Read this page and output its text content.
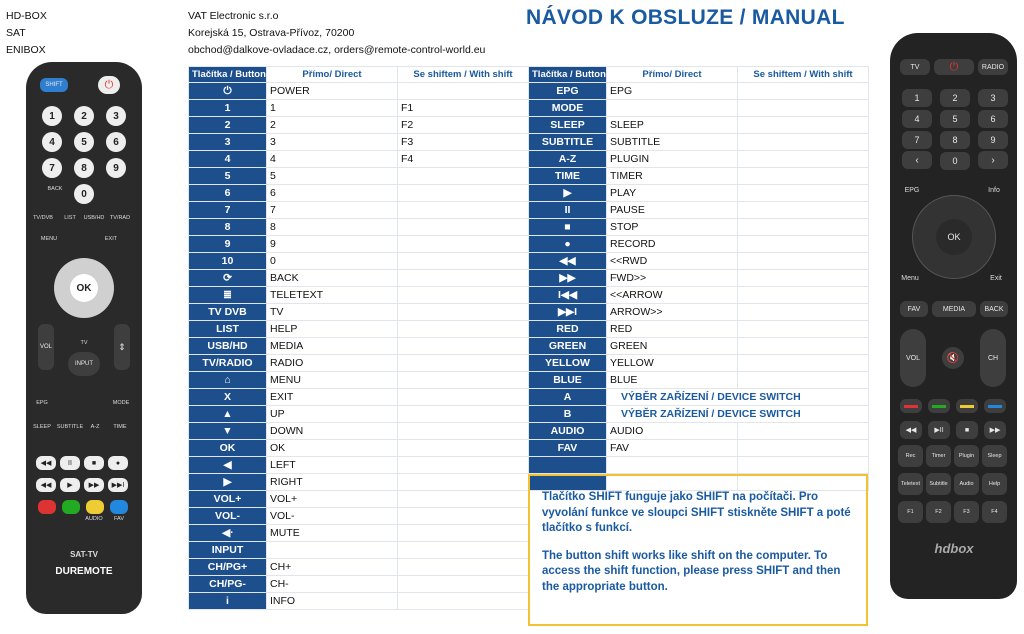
HD-BOX
SAT
ENIBOX
VAT Electronic s.r.o
Korejská 15, Ostrava-Přívoz, 70200
obchod@dalkove-ovladace.cz, orders@remote-control-world.eu
NÁVOD K OBSLUZE / MANUAL
SHIFT	⏻
1	2	3
4	5	6
7	8	9
0
BACK
TV/DVB	LIST	USB/HD	TV/RAD
MENU	EXIT
OK
TV
VOL	⇕
INPUT
EPG	MODE
SLEEP SUBTITLE	A-Z	TIME
◀◀	II	■	●
◀◀	▶	▶▶	▶▶I
AUDIO	FAV
SAT-TV
DUREMOTE
Tlačítka / Button	Přímo/ Direct	Se shiftem / With shift
⏻	POWER	
1	1	F1
2	2	F2
3	3	F3
4	4	F4
5	5	
6	6	
7	7	
8	8	
9	9	
10	0	
⟳	BACK	
≣	TELETEXT	
TV DVB	TV	
LIST	HELP	
USB/HD	MEDIA	
TV/RADIO	RADIO	
⌂	MENU	
X	EXIT	
▲	UP	
▼	DOWN	
OK	OK	
◀	LEFT	
▶	RIGHT	
VOL+	VOL+	
VOL-	VOL-	
◀ᐧ	MUTE	
INPUT		
CH/PG+	CH+	
CH/PG-	CH-	
i	INFO	
Tlačítka / Button	Přímo/ Direct	Se shiftem / With shift
EPG	EPG	
MODE		
SLEEP	SLEEP	
SUBTITLE	SUBTITLE	
A-Z	PLUGIN	
TIME	TIMER	
▶	PLAY	
II	PAUSE	
■	STOP	
●	RECORD	
◀◀	<<RWD	
▶▶	FWD>>	
I◀◀	<<ARROW	
▶▶I	ARROW>>	
RED	RED	
GREEN	GREEN	
YELLOW	YELLOW	
BLUE	BLUE	
A	VÝBĚR ZAŘÍZENÍ / DEVICE SWITCH	
B	VÝBĚR ZAŘÍZENÍ / DEVICE SWITCH	
AUDIO	AUDIO	
FAV	FAV	

Tlačítko SHIFT funguje jako SHIFT na počítači. Pro vyvolání funkce ve sloupci SHIFT stiskněte SHIFT a poté tlačítko s funkcí.

The button shift works like shift on the computer. To access the shift function, please press SHIFT and then the appropriate button.

TV	⏻	RADIO
1	2	3
4	5	6
7	8	9
0
‹	›
EPG	Info
OK
Menu	Exit
FAV	MEDIA	BACK
VOL	🔇	CH
◀◀	▶II	■	▶▶
Rec	Timer	Plugin	Sleep
Teletext	Subtitle	Audio	Help
F1	F2	F3	F4
hdbox
